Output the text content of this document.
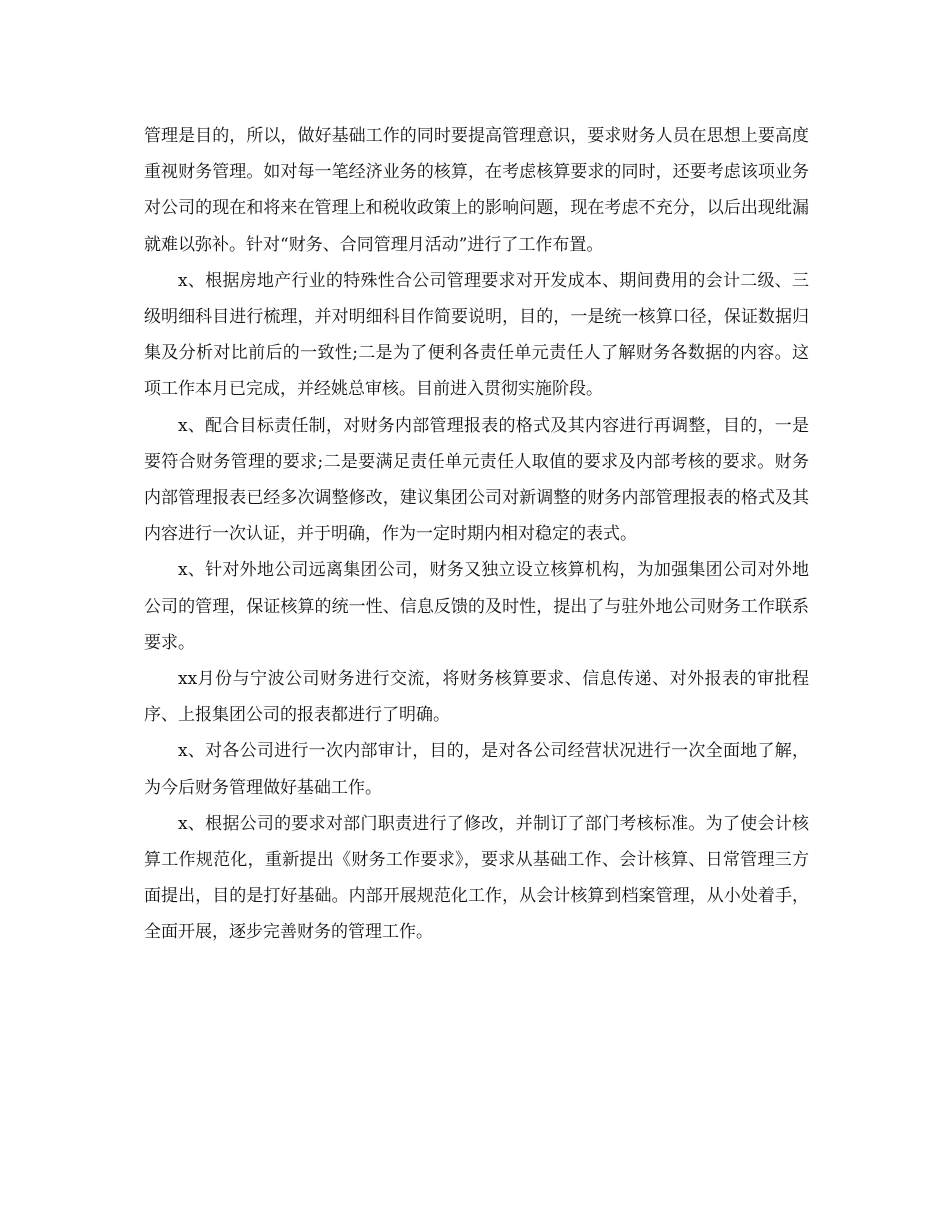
管理是目的，所以，做好基础工作的同时要提高管理意识，要求财务人员在思想上要高度重视财务管理。如对每一笔经济业务的核算，在考虑核算要求的同时，还要考虑该项业务对公司的现在和将来在管理上和税收政策上的影响问题，现在考虑不充分，以后出现纰漏就难以弥补。针对“财务、合同管理月活动”进行了工作布置。

x、根据房地产行业的特殊性合公司管理要求对开发成本、期间费用的会计二级、三级明细科目进行梳理，并对明细科目作简要说明，目的，一是统一核算口径，保证数据归集及分析对比前后的一致性;二是为了便利各责任单元责任人了解财务各数据的内容。这项工作本月已完成，并经姚总审核。目前进入贯彻实施阶段。

x、配合目标责任制，对财务内部管理报表的格式及其内容进行再调整，目的，一是要符合财务管理的要求;二是要满足责任单元责任人取值的要求及内部考核的要求。财务内部管理报表已经多次调整修改，建议集团公司对新调整的财务内部管理报表的格式及其内容进行一次认证，并于明确，作为一定时期内相对稳定的表式。

x、针对外地公司远离集团公司，财务又独立设立核算机构，为加强集团公司对外地公司的管理，保证核算的统一性、信息反馈的及时性，提出了与驻外地公司财务工作联系要求。

xx月份与宁波公司财务进行交流，将财务核算要求、信息传递、对外报表的审批程序、上报集团公司的报表都进行了明确。

x、对各公司进行一次内部审计，目的，是对各公司经营状况进行一次全面地了解，为今后财务管理做好基础工作。

x、根据公司的要求对部门职责进行了修改，并制订了部门考核标准。为了使会计核算工作规范化，重新提出《财务工作要求》，要求从基础工作、会计核算、日常管理三方面提出，目的是打好基础。内部开展规范化工作，从会计核算到档案管理，从小处着手，全面开展，逐步完善财务的管理工作。
